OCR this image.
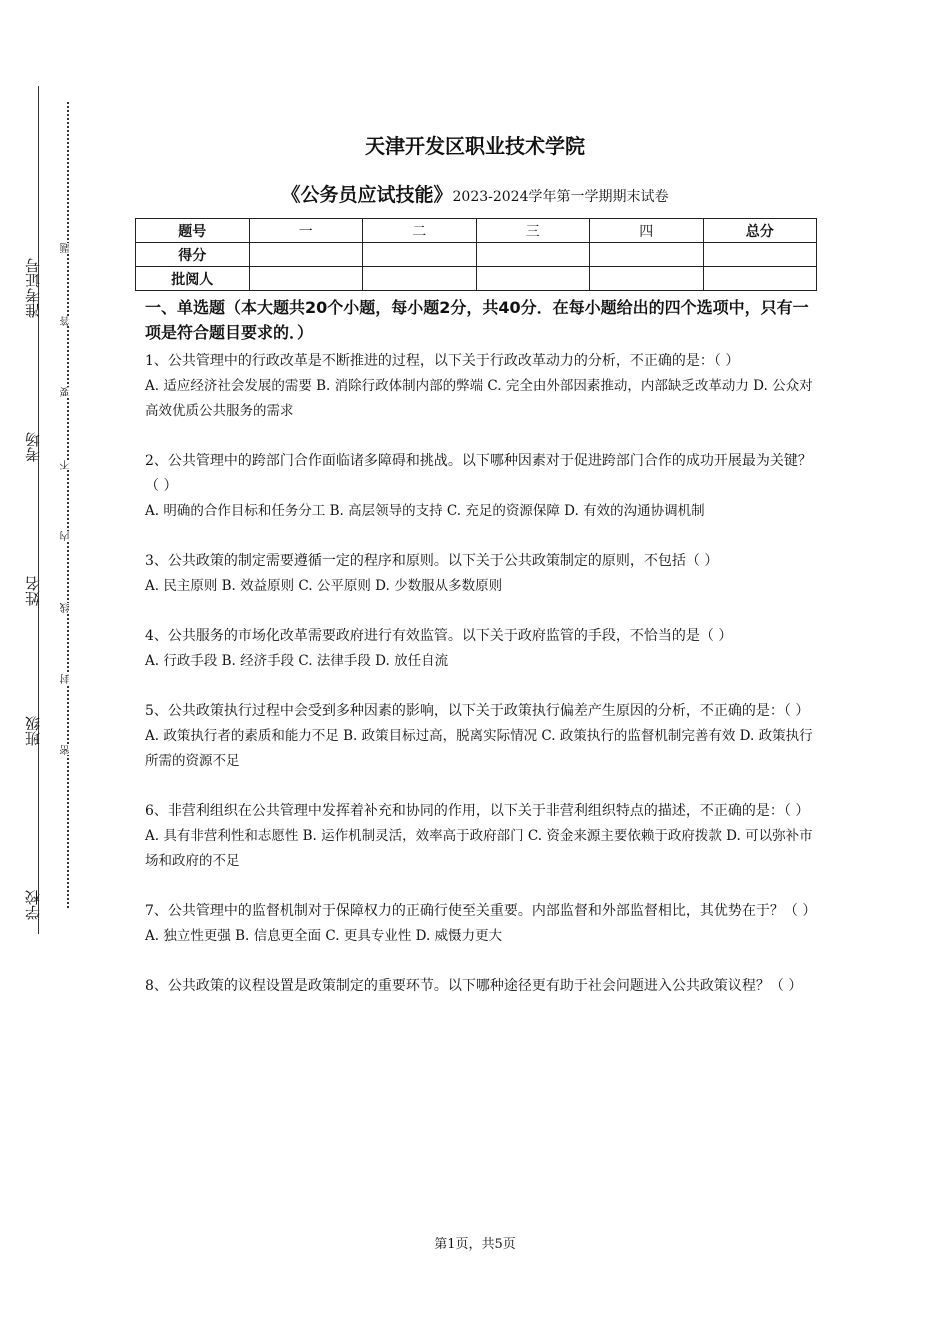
准考证号
考场
姓名
班级
学校
题
答
要
不
内
线
封
密
天津开发区职业技术学院
《公务员应试技能》2023-2024学年第一学期期末试卷
题号	一	二	三	四	总分
得分					
批阅人					
一、单选题（本大题共20个小题，每小题2分，共40分．在每小题给出的四个选项中，只有一项是符合题目要求的．）
1、公共管理中的行政改革是不断推进的过程，以下关于行政改革动力的分析，不正确的是：（ ）
A. 适应经济社会发展的需要 B. 消除行政体制内部的弊端 C. 完全由外部因素推动，内部缺乏改革动力 D. 公众对高效优质公共服务的需求
2、公共管理中的跨部门合作面临诸多障碍和挑战。以下哪种因素对于促进跨部门合作的成功开展最为关键？（ ）
A. 明确的合作目标和任务分工 B. 高层领导的支持 C. 充足的资源保障 D. 有效的沟通协调机制
3、公共政策的制定需要遵循一定的程序和原则。以下关于公共政策制定的原则，不包括（ ）
A. 民主原则 B. 效益原则 C. 公平原则 D. 少数服从多数原则
4、公共服务的市场化改革需要政府进行有效监管。以下关于政府监管的手段，不恰当的是（ ）
A. 行政手段 B. 经济手段 C. 法律手段 D. 放任自流
5、公共政策执行过程中会受到多种因素的影响，以下关于政策执行偏差产生原因的分析，不正确的是：（ ）
A. 政策执行者的素质和能力不足 B. 政策目标过高，脱离实际情况 C. 政策执行的监督机制完善有效 D. 政策执行所需的资源不足
6、非营利组织在公共管理中发挥着补充和协同的作用，以下关于非营利组织特点的描述，不正确的是：（ ）
A. 具有非营利性和志愿性 B. 运作机制灵活，效率高于政府部门 C. 资金来源主要依赖于政府拨款 D. 可以弥补市场和政府的不足
7、公共管理中的监督机制对于保障权力的正确行使至关重要。内部监督和外部监督相比，其优势在于？（ ）
A. 独立性更强 B. 信息更全面 C. 更具专业性 D. 威慑力更大
8、公共政策的议程设置是政策制定的重要环节。以下哪种途径更有助于社会问题进入公共政策议程？（ ）
第1页，共5页
